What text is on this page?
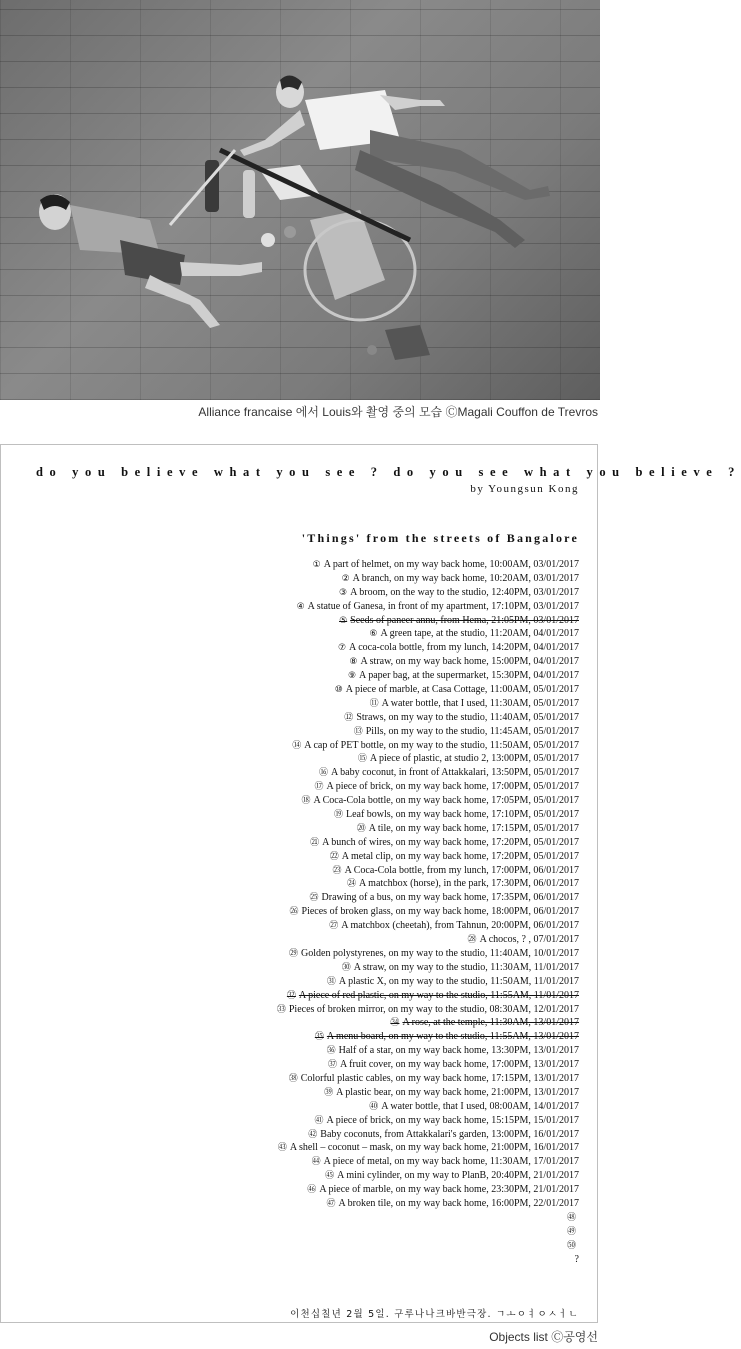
Alliance francaise 에서 Louis와 촬영 중의 모습 ⒸMagali Couffon de Trevros
do you believe what you see ? do you see what you believe ?
by Youngsun Kong
'Things' from the streets of Bangalore
① A part of helmet, on my way back home, 10:00AM, 03/01/2017
② A branch, on my way back home, 10:20AM, 03/01/2017
③ A broom, on the way to the studio, 12:40PM, 03/01/2017
④ A statue of Ganesa, in front of my apartment, 17:10PM, 03/01/2017
⑤ Seeds of paneer annu, from Hema, 21:05PM, 03/01/2017
⑥ A green tape, at the studio, 11:20AM, 04/01/2017
⑦ A coca-cola bottle, from my lunch, 14:20PM, 04/01/2017
⑧ A straw, on my way back home, 15:00PM, 04/01/2017
⑨ A paper bag, at the supermarket, 15:30PM, 04/01/2017
⑩ A piece of marble, at Casa Cottage, 11:00AM, 05/01/2017
⑪ A water bottle, that I used, 11:30AM, 05/01/2017
⑫ Straws, on my way to the studio, 11:40AM, 05/01/2017
⑬ Pills, on my way to the studio, 11:45AM, 05/01/2017
⑭ A cap of PET bottle, on my way to the studio, 11:50AM, 05/01/2017
⑮ A piece of plastic, at studio 2, 13:00PM, 05/01/2017
⑯ A baby coconut, in front of Attakkalari, 13:50PM, 05/01/2017
⑰ A piece of brick, on my way back home, 17:00PM, 05/01/2017
⑱ A Coca-Cola bottle, on my way back home, 17:05PM, 05/01/2017
⑲ Leaf bowls, on my way back home, 17:10PM, 05/01/2017
⑳ A tile, on my way back home, 17:15PM, 05/01/2017
㉑ A bunch of wires, on my way back home, 17:20PM, 05/01/2017
㉒ A metal clip, on my way back home, 17:20PM, 05/01/2017
㉓ A Coca-Cola bottle, from my lunch, 17:00PM, 06/01/2017
㉔ A matchbox (horse), in the park, 17:30PM, 06/01/2017
㉕ Drawing of a bus, on my way back home, 17:35PM, 06/01/2017
㉖ Pieces of broken glass, on my way back home, 18:00PM, 06/01/2017
㉗ A matchbox (cheetah), from Tahnun, 20:00PM, 06/01/2017
㉘ A chocos, ? , 07/01/2017
㉙ Golden polystyrenes, on my way to the studio, 11:40AM, 10/01/2017
㉚ A straw, on my way to the studio, 11:30AM, 11/01/2017
㉛ A plastic X, on my way to the studio, 11:50AM, 11/01/2017
㉜ A piece of red plastic, on my way to the studio, 11:55AM, 11/01/2017
㉝ Pieces of broken mirror, on my way to the studio, 08:30AM, 12/01/2017
㉞ A rose, at the temple, 11:30AM, 13/01/2017
㉟ A menu board, on my way to the studio, 11:55AM, 13/01/2017
㊱ Half of a star, on my way back home, 13:30PM, 13/01/2017
㊲ A fruit cover, on my way back home, 17:00PM, 13/01/2017
㊳ Colorful plastic cables, on my way back home, 17:15PM, 13/01/2017
㊴ A plastic bear, on my way back home, 21:00PM, 13/01/2017
㊵ A water bottle, that I used, 08:00AM, 14/01/2017
㊶ A piece of brick, on my way back home, 15:15PM, 15/01/2017
㊷ Baby coconuts, from Attakkalari's garden, 13:00PM, 16/01/2017
㊸ A shell – coconut – mask, on my way back home, 21:00PM, 16/01/2017
㊹ A piece of metal, on my way back home, 11:30AM, 17/01/2017
㊺ A mini cylinder, on my way to PlanB, 20:40PM, 21/01/2017
㊻ A piece of marble, on my way back home, 23:30PM, 21/01/2017
㊼ A broken tile, on my way back home, 16:00PM, 22/01/2017
㊽
㊾
㊿
?
이천십칠년 2월 5일. 구루나나크바반극장. ㄱㅗㅇㅕㅇㅅㅓㄴ
Objects list Ⓒ공영선
